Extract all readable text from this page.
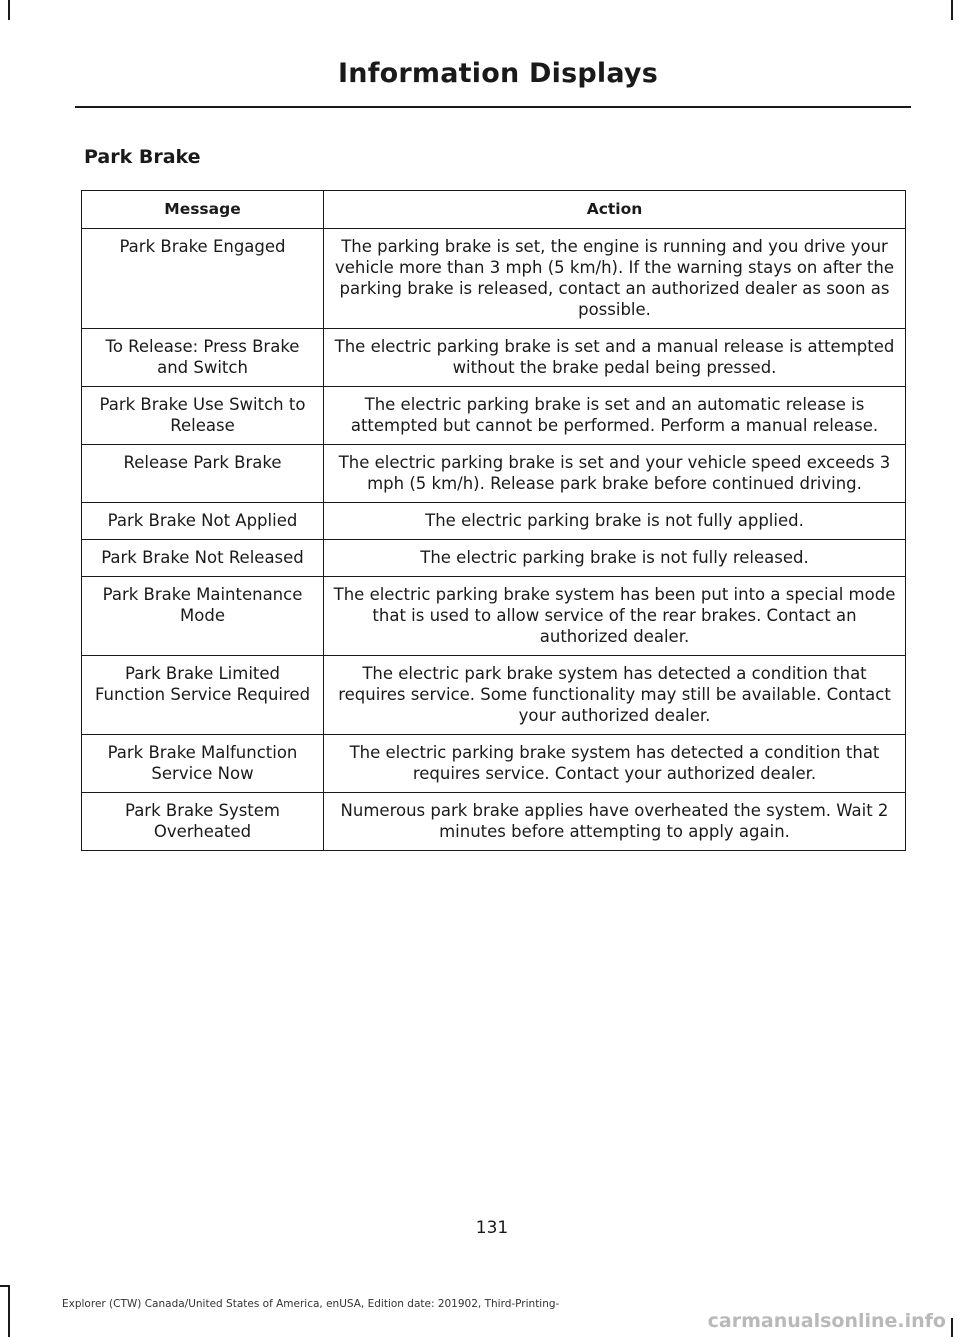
Information Displays
Park Brake
Message	Action
Park Brake Engaged	The parking brake is set, the engine is running and you drive your vehicle more than 3 mph (5 km/h). If the warning stays on after the parking brake is released, contact an authorized dealer as soon as possible.
To Release: Press Brake and Switch	The electric parking brake is set and a manual release is attempted without the brake pedal being pressed.
Park Brake Use Switch to Release	The electric parking brake is set and an automatic release is attempted but cannot be performed. Perform a manual release.
Release Park Brake	The electric parking brake is set and your vehicle speed exceeds 3 mph (5 km/h). Release park brake before continued driving.
Park Brake Not Applied	The electric parking brake is not fully applied.
Park Brake Not Released	The electric parking brake is not fully released.
Park Brake Maintenance Mode	The electric parking brake system has been put into a special mode that is used to allow service of the rear brakes. Contact an authorized dealer.
Park Brake Limited Function Service Required	The electric park brake system has detected a condition that requires service. Some functionality may still be available. Contact your authorized dealer.
Park Brake Malfunction Service Now	The electric parking brake system has detected a condition that requires service. Contact your authorized dealer.
Park Brake System Overheated	Numerous park brake applies have overheated the system. Wait 2 minutes before attempting to apply again.
131
Explorer (CTW) Canada/United States of America, enUSA, Edition date: 201902, Third-Printing-
carmanualsonline.info
